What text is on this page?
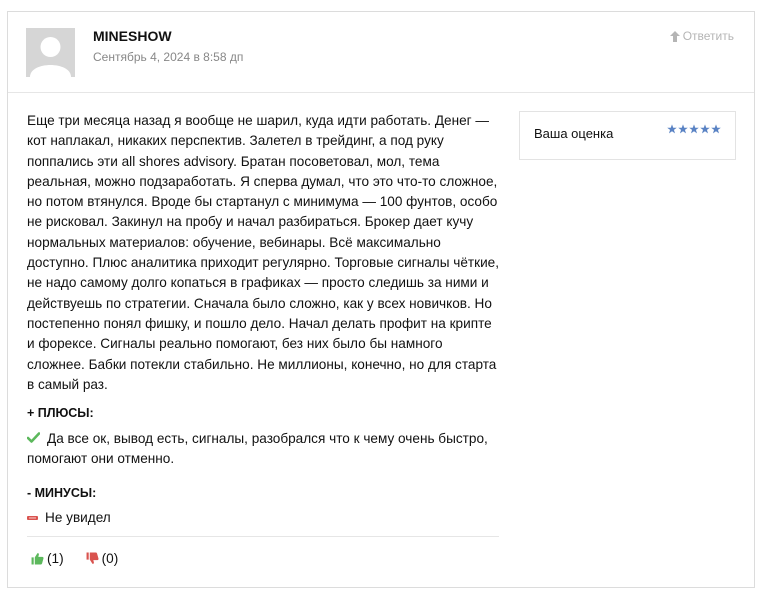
MINESHOW
Сентябрь 4, 2024 в 8:58 дп
Ответить

Еще три месяца назад я вообще не шарил, куда идти работать. Денег — кот наплакал, никаких перспектив. Залетел в трейдинг, а под руку поппались эти all shores advisory. Братан посоветовал, мол, тема реальная, можно подзаработать. Я сперва думал, что это что-то сложное, но потом втянулся. Вроде бы стартанул с минимума — 100 фунтов, особо не рисковал. Закинул на пробу и начал разбираться. Брокер дает кучу нормальных материалов: обучение, вебинары. Всё максимально доступно. Плюс аналитика приходит регулярно. Торговые сигналы чёткие, не надо самому долго копаться в графиках — просто следишь за ними и действуешь по стратегии. Сначала было сложно, как у всех новичков. Но постепенно понял фишку, и пошло дело. Начал делать профит на крипте и форексе. Сигналы реально помогают, без них было бы намного сложнее. Бабки потекли стабильно. Не миллионы, конечно, но для старта в самый раз.

Ваша оценка
+ ПЛЮСЫ:
Да все ок, вывод есть, сигналы, разобрался что к чему очень быстро, помогают они отменно.
- МИНУСЫ:
Не увидел
(1)	(0)
